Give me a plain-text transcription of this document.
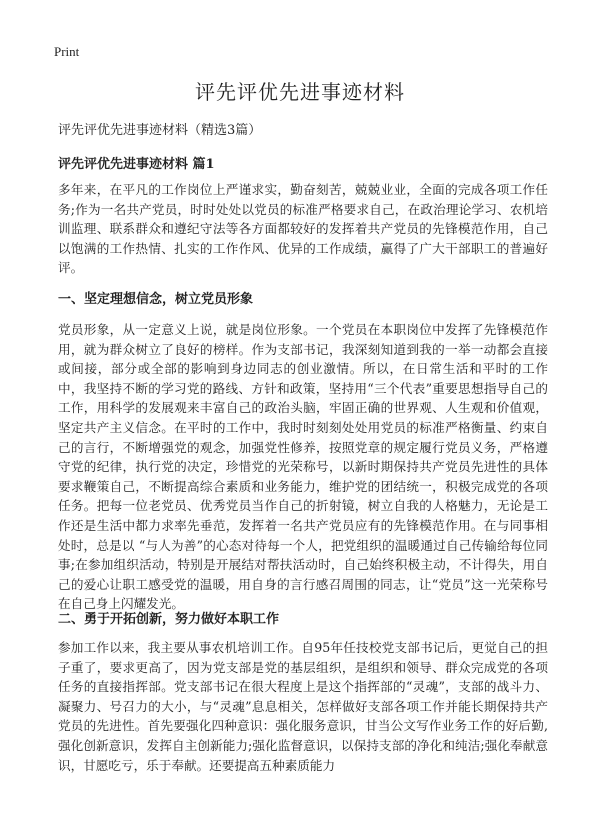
Print
评先评优先进事迹材料

评先评优先进事迹材料（精选3篇）

评先评优先进事迹材料 篇1

多年来，在平凡的工作岗位上严谨求实，勤奋刻苦，兢兢业业，全面的完成各项工作任务;作为一名共产党员，时时处处以党员的标准严格要求自己，在政治理论学习、农机培训监理、联系群众和遵纪守法等各方面都较好的发挥着共产党员的先锋模范作用，自己以饱满的工作热情、扎实的工作作风、优异的工作成绩，赢得了广大干部职工的普遍好评。

一、坚定理想信念，树立党员形象

党员形象，从一定意义上说，就是岗位形象。一个党员在本职岗位中发挥了先锋模范作用，就为群众树立了良好的榜样。作为支部书记，我深刻知道到我的一举一动都会直接或间接，部分或全部的影响到身边同志的创业激情。所以，在日常生活和平时的工作中，我坚持不断的学习党的路线、方针和政策，坚持用“三个代表”重要思想指导自己的工作，用科学的发展观来丰富自己的政治头脑，牢固正确的世界观、人生观和价值观，坚定共产主义信念。在平时的工作中，我时时刻刻处处用党员的标准严格衡量、约束自己的言行，不断增强党的观念，加强党性修养，按照党章的规定履行党员义务，严格遵守党的纪律，执行党的决定，珍惜党的光荣称号，以新时期保持共产党员先进性的具体要求鞭策自己，不断提高综合素质和业务能力，维护党的团结统一，积极完成党的各项任务。把每一位老党员、优秀党员当作自己的折射镜，树立自我的人格魅力，无论是工作还是生活中都力求率先垂范，发挥着一名共产党员应有的先锋模范作用。在与同事相处时，总是以 “与人为善”的心态对待每一个人，把党组织的温暖通过自己传输给每位同事;在参加组织活动，特别是开展结对帮扶活动时，自己始终积极主动，不计得失，用自己的爱心让职工感受党的温暖，用自身的言行感召周围的同志，让“党员”这一光荣称号在自己身上闪耀发光。

二、勇于开拓创新，努力做好本职工作

参加工作以来，我主要从事农机培训工作。自95年任技校党支部书记后，更觉自己的担子重了，要求更高了，因为党支部是党的基层组织，是组织和领导、群众完成党的各项任务的直接指挥部。党支部书记在很大程度上是这个指挥部的“灵魂”，支部的战斗力、凝聚力、号召力的大小，与“灵魂”息息相关，怎样做好支部各项工作并能长期保持共产党员的先进性。首先要强化四种意识：强化服务意识，甘当公文写作业务工作的好后勤,强化创新意识，发挥自主创新能力;强化监督意识，以保持支部的净化和纯洁;强化奉献意识，甘愿吃亏，乐于奉献。还要提高五种素质能力
